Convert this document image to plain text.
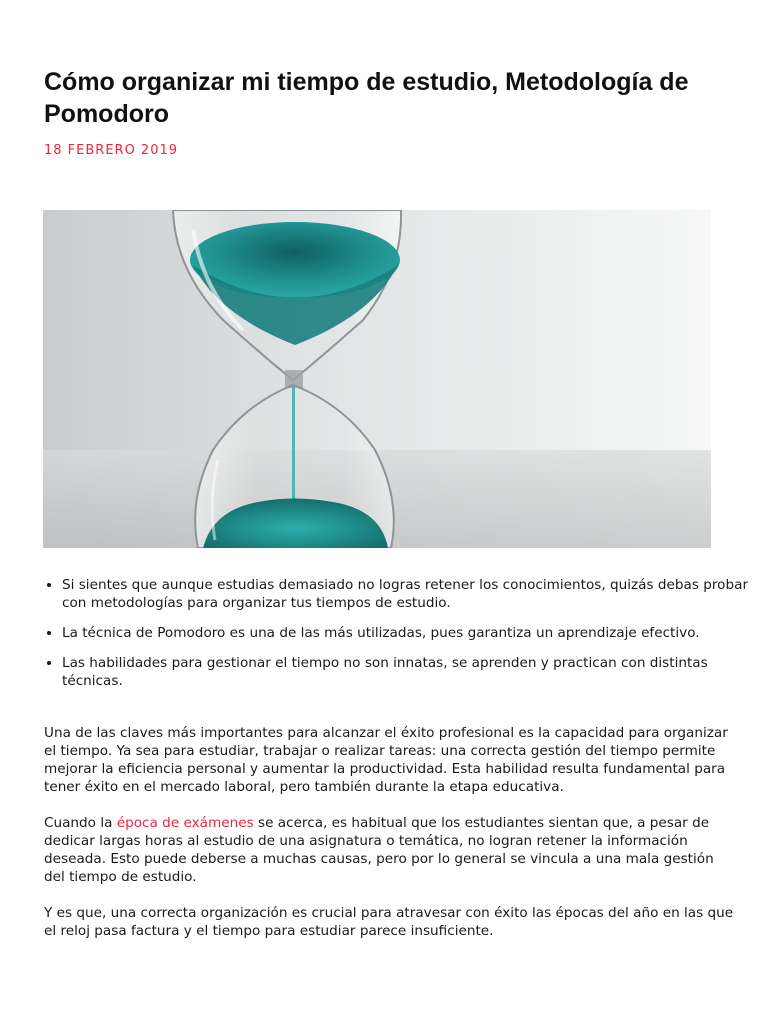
Cómo organizar mi tiempo de estudio, Metodología de Pomodoro
18 FEBRERO 2019
• Si sientes que aunque estudias demasiado no logras retener los conocimientos, quizás debas probar con metodologías para organizar tus tiempos de estudio.
• La técnica de Pomodoro es una de las más utilizadas, pues garantiza un aprendizaje efectivo.
• Las habilidades para gestionar el tiempo no son innatas, se aprenden y practican con distintas técnicas.

Una de las claves más importantes para alcanzar el éxito profesional es la capacidad para organizar el tiempo. Ya sea para estudiar, trabajar o realizar tareas: una correcta gestión del tiempo permite mejorar la eficiencia personal y aumentar la productividad. Esta habilidad resulta fundamental para tener éxito en el mercado laboral, pero también durante la etapa educativa.

Cuando la época de exámenes se acerca, es habitual que los estudiantes sientan que, a pesar de dedicar largas horas al estudio de una asignatura o temática, no logran retener la información deseada. Esto puede deberse a muchas causas, pero por lo general se vincula a una mala gestión del tiempo de estudio.

Y es que, una correcta organización es crucial para atravesar con éxito las épocas del año en las que el reloj pasa factura y el tiempo para estudiar parece insuficiente.
